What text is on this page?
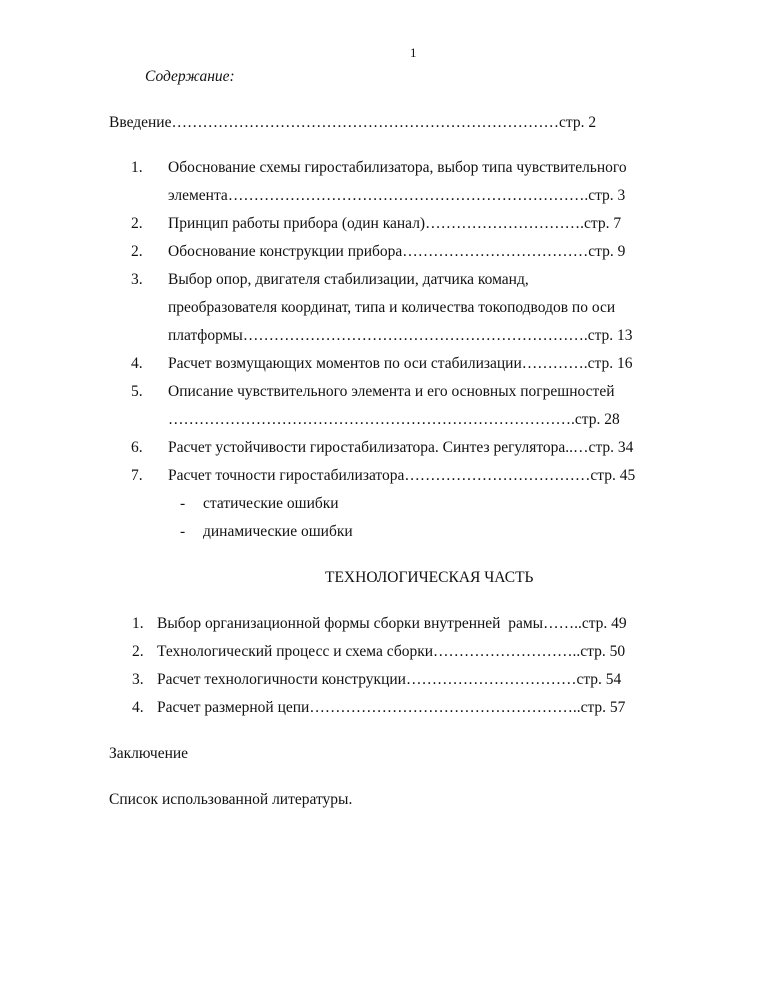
1
Содержание:
Введение…………………………………………………………………стр. 2
1. Обоснование схемы гиростабилизатора, выбор типа чувствительного
элемента…………………………………………………………….стр. 3
2. Принцип работы прибора (один канал)………………………….стр. 7
2. Обоснование конструкции прибора………………………………стр. 9
3. Выбор опор, двигателя стабилизации, датчика команд,
преобразователя координат, типа и количества токоподводов по оси
платформы………………………………………………………….стр. 13
4. Расчет возмущающих моментов по оси стабилизации………….стр. 16
5. Описание чувствительного элемента и его основных погрешностей
…………………………………………………………………….стр. 28
6. Расчет устойчивости гиростабилизатора. Синтез регулятора..…стр. 34
7. Расчет точности гиростабилизатора………………………………стр. 45
- статические ошибки
- динамические ошибки
ТЕХНОЛОГИЧЕСКАЯ ЧАСТЬ
1. Выбор организационной формы сборки внутренней  рамы……..стр. 49
2. Технологический процесс и схема сборки………………………..стр. 50
3. Расчет технологичности конструкции……………………………стр. 54
4. Расчет размерной цепи……………………………………………..стр. 57
Заключение
Список использованной литературы.
